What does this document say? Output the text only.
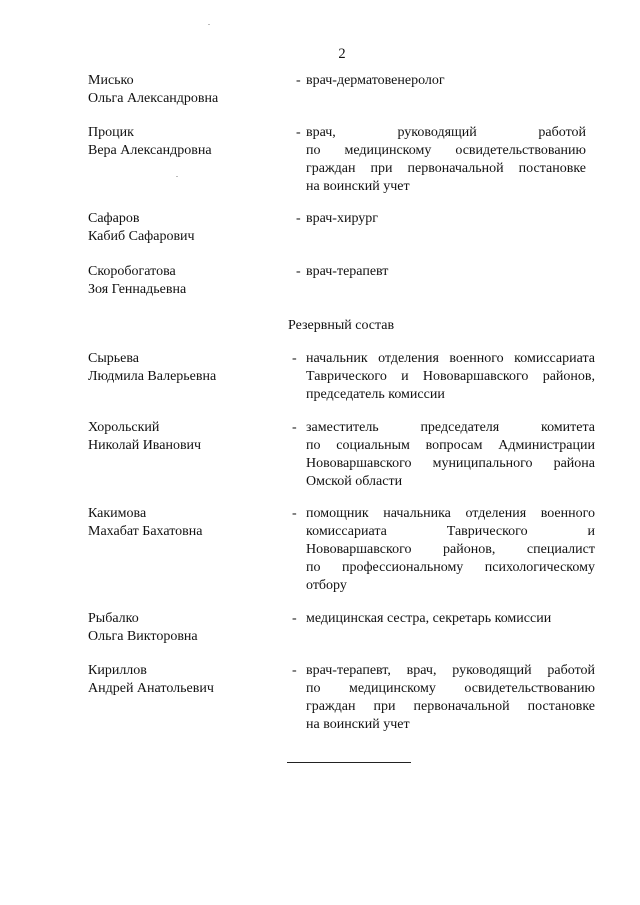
2
Мисько
Ольга Александровна
- врач-дерматовенеролог
Процик
Вера Александровна
- врач, руководящий работой
по медицинскому освидетельствованию
граждан при первоначальной постановке
на воинский учет
Сафаров
Кабиб Сафарович
- врач-хирург
Скоробогатова
Зоя Геннадьевна
- врач-терапевт
Резервный состав
Сырьева
Людмила Валерьевна
- начальник отделения военного комиссариата
Таврического и Нововаршавского районов,
председатель комиссии
Хорольский
Николай Иванович
- заместитель председателя комитета
по социальным вопросам Администрации
Нововаршавского муниципального района
Омской области
Какимова
Махабат Бахатовна
- помощник начальника отделения военного
комиссариата Таврического и
Нововаршавского районов, специалист
по профессиональному психологическому
отбору
Рыбалко
Ольга Викторовна
- медицинская сестра, секретарь комиссии
Кириллов
Андрей Анатольевич
- врач-терапевт, врач, руководящий работой
по медицинскому освидетельствованию
граждан при первоначальной постановке
на воинский учет
